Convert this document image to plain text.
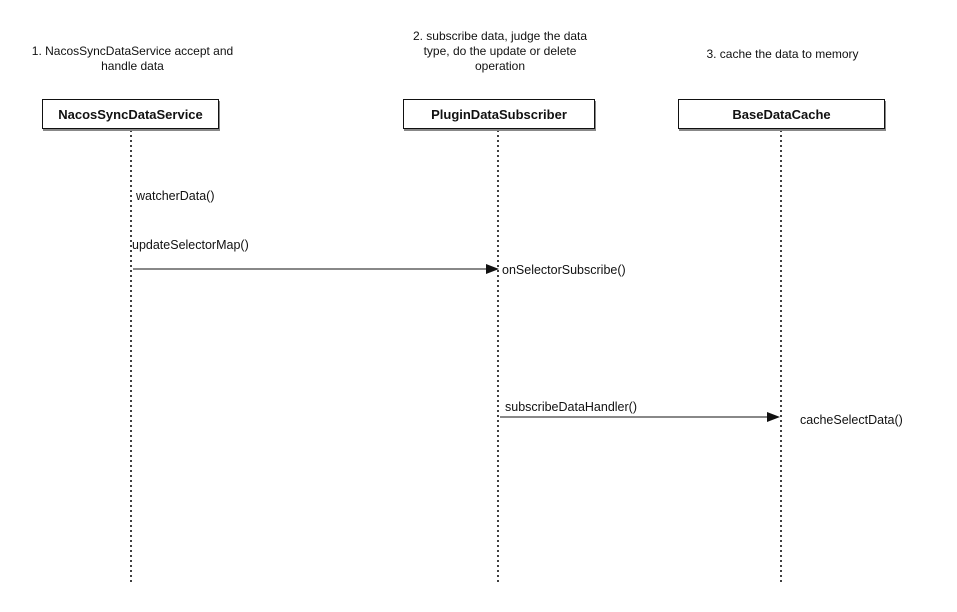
1. NacosSyncDataService accept and handle data
2. subscribe data, judge the data type, do the update or delete operation
3. cache the data to memory
NacosSyncDataService	PluginDataSubscriber	BaseDataCache
watcherData()
updateSelectorMap()
onSelectorSubscribe()
subscribeDataHandler()
cacheSelectData()
